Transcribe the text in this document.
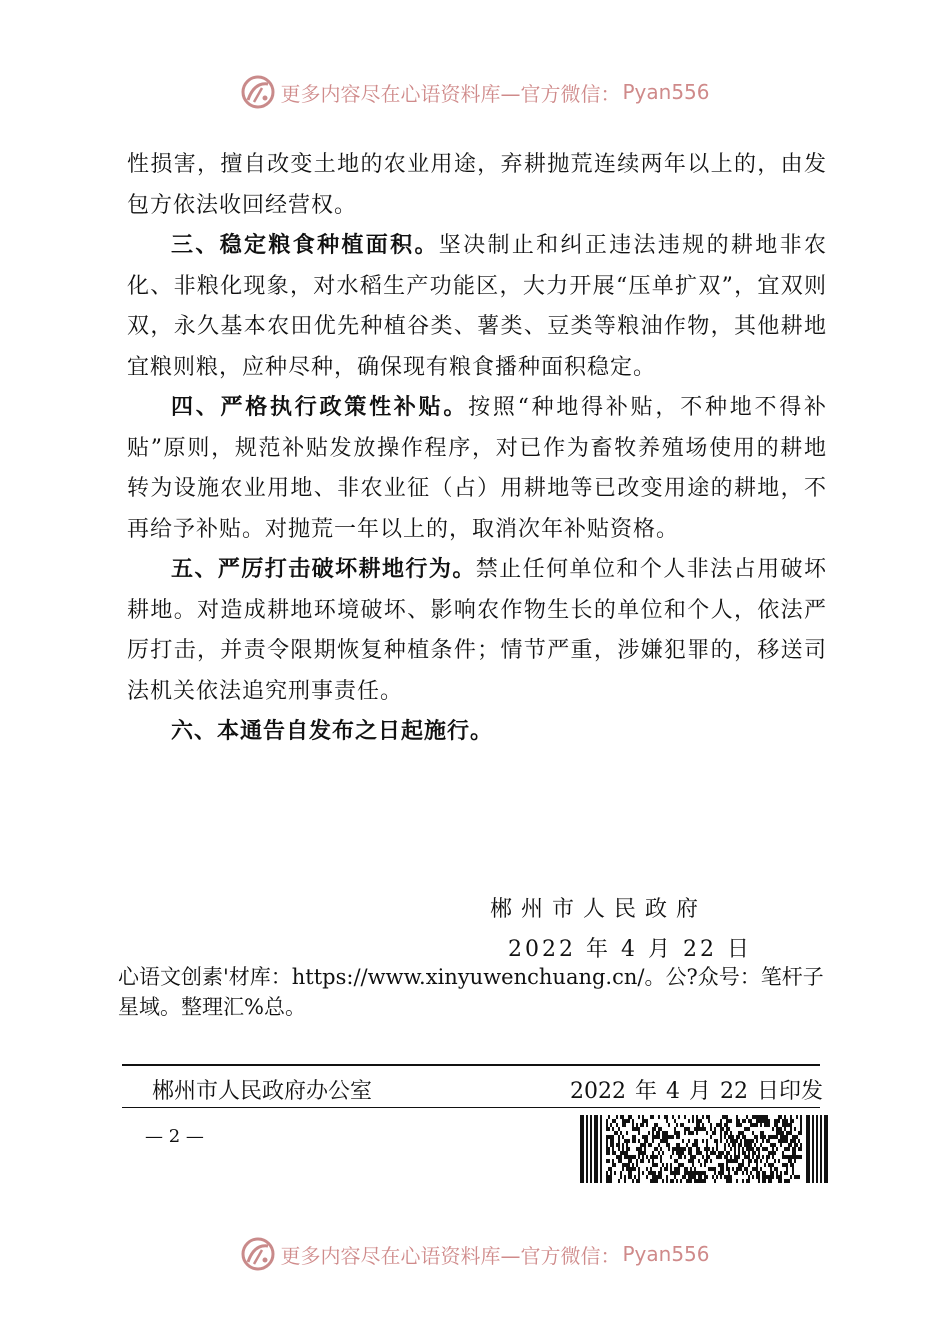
更多内容尽在心语资料库—官方微信： Pyan556

性损害，擅自改变土地的农业用途，弃耕抛荒连续两年以上的，由发包方依法收回经营权。

三、稳定粮食种植面积。坚决制止和纠正违法违规的耕地非农化、非粮化现象，对水稻生产功能区，大力开展“压单扩双”，宜双则双，永久基本农田优先种植谷类、薯类、豆类等粮油作物，其他耕地宜粮则粮，应种尽种，确保现有粮食播种面积稳定。

四、严格执行政策性补贴。按照“种地得补贴，不种地不得补贴”原则，规范补贴发放操作程序，对已作为畜牧养殖场使用的耕地转为设施农业用地、非农业征（占）用耕地等已改变用途的耕地，不再给予补贴。对抛荒一年以上的，取消次年补贴资格。

五、严厉打击破坏耕地行为。禁止任何单位和个人非法占用破坏耕地。对造成耕地环境破坏、影响农作物生长的单位和个人，依法严厉打击，并责令限期恢复种植条件；情节严重，涉嫌犯罪的，移送司法机关依法追究刑事责任。

六、本通告自发布之日起施行。

郴州市人民政府
2022 年 4 月 22 日
心语文创素'材库：https://www.xinyuwenchuang.cn/。公?众号：笔杆子星域。整理汇%总。
郴州市人民政府办公室	2022 年 4 月 22 日印发
— 2 —
更多内容尽在心语资料库—官方微信： Pyan556
